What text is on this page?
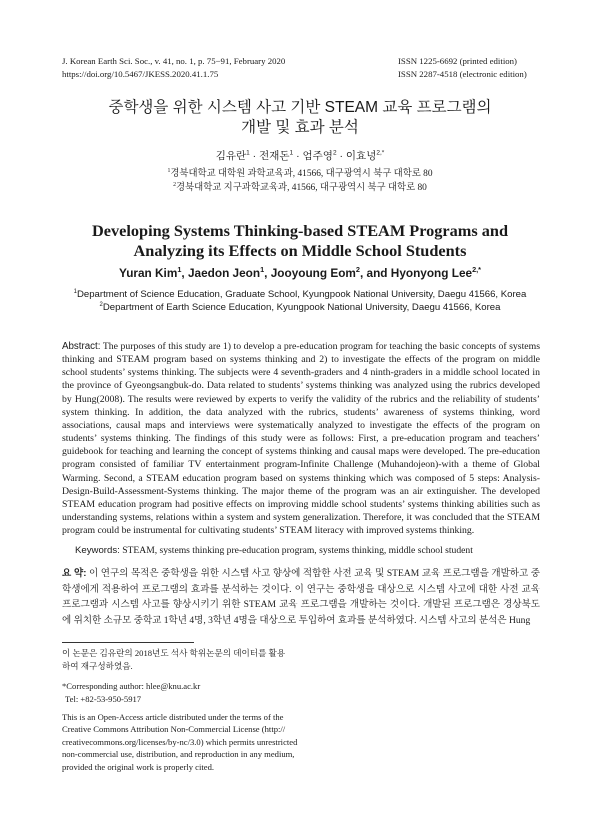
J. Korean Earth Sci. Soc., v. 41, no. 1, p. 75−91, February 2020
https://doi.org/10.5467/JKESS.2020.41.1.75
ISSN 1225-6692 (printed edition)
ISSN 2287-4518 (electronic edition)
중학생을 위한 시스템 사고 기반 STEAM 교육 프로그램의
개발 및 효과 분석
김유란$^1$ · 전재돈$^1$ · 엄주영$^2$ · 이효녕$^{2,*}$
$^1$경북대학교 대학원 과학교육과, 41566, 대구광역시 북구 대학로 80
$^2$경북대학교 지구과학교육과, 41566, 대구광역시 북구 대학로 80
Developing Systems Thinking-based STEAM Programs and
Analyzing its Effects on Middle School Students
Yuran Kim$^1$, Jaedon Jeon$^1$, Jooyoung Eom$^2$, and Hyonyong Lee$^{2,*}$
$^1$Department of Science Education, Graduate School, Kyungpook National University, Daegu 41566, Korea
$^2$Department of Earth Science Education, Kyungpook National University, Daegu 41566, Korea
Abstract: The purposes of this study are 1) to develop a pre-education program for teaching the basic concepts of systems thinking and STEAM program based on systems thinking and 2) to investigate the effects of the program on middle school students’ systems thinking. The subjects were 4 seventh-graders and 4 ninth-graders in a middle school located in the province of Gyeongsangbuk-do. Data related to students’ systems thinking was analyzed using the rubrics developed by Hung(2008). The results were reviewed by experts to verify the validity of the rubrics and the reliability of students’ system thinking. In addition, the data analyzed with the rubrics, students’ awareness of systems thinking, word associations, causal maps and interviews were systematically analyzed to investigate the effects of the program on students’ systems thinking. The findings of this study were as follows: First, a pre-education program and teachers’ guidebook for teaching and learning the concept of systems thinking and causal maps were developed. The pre-education program consisted of familiar TV entertainment program-Infinite Challenge (Muhandojeon)-with a theme of Global Warming. Second, a STEAM education program based on systems thinking which was composed of 5 steps: Analysis-Design-Build-Assessment-Systems thinking. The major theme of the program was an air extinguisher. The developed STEAM education program had positive effects on improving middle school students’ systems thinking abilities such as understanding systems, relations within a system and system generalization. Therefore, it was concluded that the STEAM program could be instrumental for cultivating students’ STEAM literacy with improved systems thinking.
Keywords: STEAM, systems thinking pre-education program, systems thinking, middle school student
요 약: 이 연구의 목적은 중학생을 위한 시스템 사고 향상에 적합한 사전 교육 및 STEAM 교육 프로그램을 개발하고 중학생에게 적용하여 프로그램의 효과를 분석하는 것이다. 이 연구는 중학생을 대상으로 시스템 사고에 대한 사전 교육 프로그램과 시스템 사고를 향상시키기 위한 STEAM 교육 프로그램을 개발하는 것이다. 개발된 프로그램은 경상북도에 위치한 소규모 중학교 1학년 4명, 3학년 4명을 대상으로 투입하여 효과를 분석하였다. 시스템 사고의 분석은 Hung
이 논문은 김유란의 2018년도 석사 학위논문의 데이터를 활용
하여 재구성하였음.
*Corresponding author: hlee@knu.ac.kr
Tel: +82-53-950-5917
This is an Open-Access article distributed under the terms of the
Creative Commons Attribution Non-Commercial License (http://
creativecommons.org/licenses/by-nc/3.0) which permits unrestricted
non-commercial use, distribution, and reproduction in any medium,
provided the original work is properly cited.
